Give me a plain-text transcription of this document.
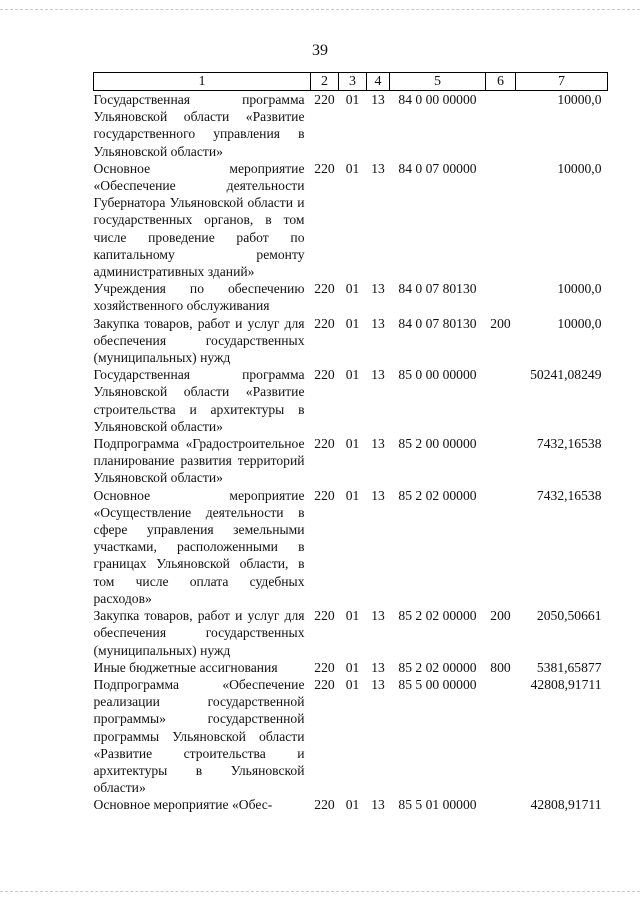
39
1	2	3	4	5	6	7
Государственная программа Ульяновской области «Развитие государственного управления в Ульяновской области»	220	01	13	84 0 00 00000		10000,0
Основное мероприятие «Обеспечение деятельности Губернатора Ульяновской области и государственных органов, в том числе проведение работ по капитальному ремонту административных зданий»	220	01	13	84 0 07 00000		10000,0
Учреждения по обеспечению хозяйственного обслуживания	220	01	13	84 0 07 80130		10000,0
Закупка товаров, работ и услуг для обеспечения государственных (муниципальных) нужд	220	01	13	84 0 07 80130	200	10000,0
Государственная программа Ульяновской области «Развитие строительства и архитектуры в Ульяновской области»	220	01	13	85 0 00 00000		50241,08249
Подпрограмма «Градостроительное планирование развития территорий Ульяновской области»	220	01	13	85 2 00 00000		7432,16538
Основное мероприятие «Осуществление деятельности в сфере управления земельными участками, расположенными в границах Ульяновской области, в том числе оплата судебных расходов»	220	01	13	85 2 02 00000		7432,16538
Закупка товаров, работ и услуг для обеспечения государственных (муниципальных) нужд	220	01	13	85 2 02 00000	200	2050,50661
Иные бюджетные ассигнования	220	01	13	85 2 02 00000	800	5381,65877
Подпрограмма «Обеспечение реализации государственной программы» государственной программы Ульяновской области «Развитие строительства и архитектуры в Ульяновской области»	220	01	13	85 5 00 00000		42808,91711
Основное мероприятие «Обес-	220	01	13	85 5 01 00000		42808,91711
